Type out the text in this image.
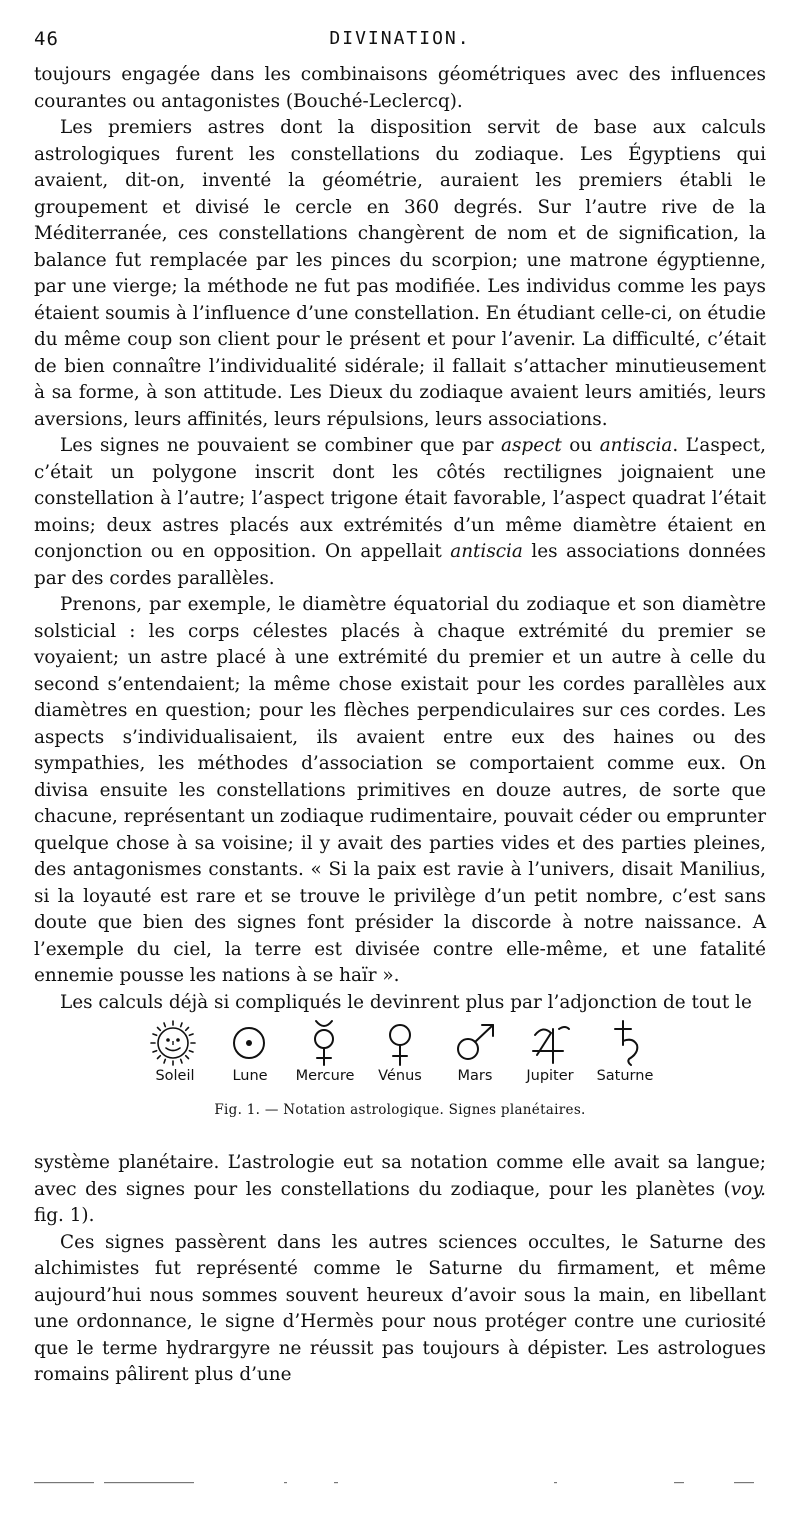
46	DIVINATION.

toujours engagée dans les combinaisons géométriques avec des influences courantes ou antagonistes (Bouché-Leclercq).

Les premiers astres dont la disposition servit de base aux calculs astrologiques furent les constellations du zodiaque. Les Égyptiens qui avaient, dit-on, inventé la géométrie, auraient les premiers établi le groupement et divisé le cercle en 360 degrés. Sur l’autre rive de la Méditerranée, ces constellations changèrent de nom et de signification, la balance fut remplacée par les pinces du scorpion; une matrone égyptienne, par une vierge; la méthode ne fut pas modifiée. Les individus comme les pays étaient soumis à l’influence d’une constellation. En étudiant celle-ci, on étudie du même coup son client pour le présent et pour l’avenir. La difficulté, c’était de bien connaître l’individualité sidérale; il fallait s’attacher minutieusement à sa forme, à son attitude. Les Dieux du zodiaque avaient leurs amitiés, leurs aversions, leurs affinités, leurs répulsions, leurs associations.

Les signes ne pouvaient se combiner que par aspect ou antiscia. L’aspect, c’était un polygone inscrit dont les côtés rectilignes joignaient une constellation à l’autre; l’aspect trigone était favorable, l’aspect quadrat l’était moins; deux astres placés aux extrémités d’un même diamètre étaient en conjonction ou en opposition. On appellait antiscia les associations données par des cordes parallèles.

Prenons, par exemple, le diamètre équatorial du zodiaque et son diamètre solsticial : les corps célestes placés à chaque extrémité du premier se voyaient; un astre placé à une extrémité du premier et un autre à celle du second s’entendaient; la même chose existait pour les cordes parallèles aux diamètres en question; pour les flèches perpendiculaires sur ces cordes. Les aspects s’individualisaient, ils avaient entre eux des haines ou des sympathies, les méthodes d’association se comportaient comme eux. On divisa ensuite les constellations primitives en douze autres, de sorte que chacune, représentant un zodiaque rudimentaire, pouvait céder ou emprunter quelque chose à sa voisine; il y avait des parties vides et des parties pleines, des antagonismes constants. « Si la paix est ravie à l’univers, disait Manilius, si la loyauté est rare et se trouve le privilège d’un petit nombre, c’est sans doute que bien des signes font présider la discorde à notre naissance. A l’exemple du ciel, la terre est divisée contre elle-même, et une fatalité ennemie pousse les nations à se haïr ».

Les calculs déjà si compliqués le devinrent plus par l’adjonction de tout le

Soleil	Lune	Mercure	Vénus	Mars	Jupiter	Saturne
Fig. 1. — Notation astrologique. Signes planétaires.

système planétaire. L’astrologie eut sa notation comme elle avait sa langue; avec des signes pour les constellations du zodiaque, pour les planètes (voy. fig. 1).

Ces signes passèrent dans les autres sciences occultes, le Saturne des alchimistes fut représenté comme le Saturne du firmament, et même aujourd’hui nous sommes souvent heureux d’avoir sous la main, en libellant une ordonnance, le signe d’Hermès pour nous protéger contre une curiosité que le terme hydrargyre ne réussit pas toujours à dépister. Les astrologues romains pâlirent plus d’une
